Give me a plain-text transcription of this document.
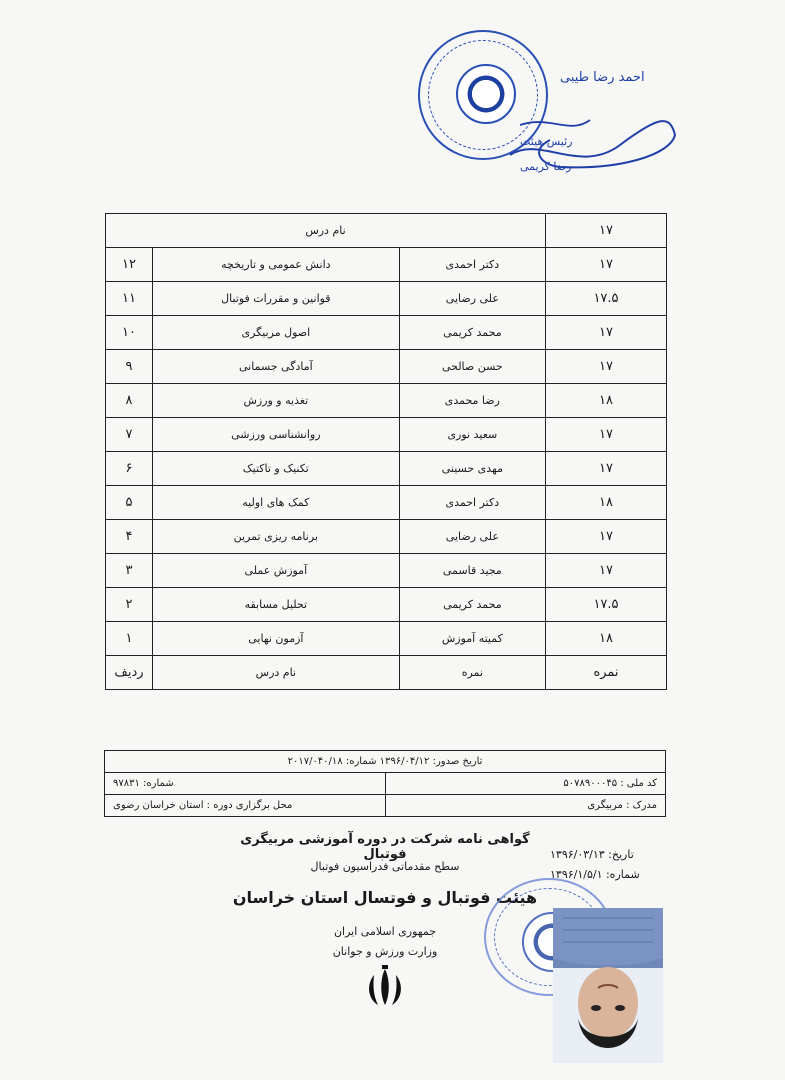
احمد رضا طیبی
رئیس هیئت
رضا کریمی
نام درس			۱۷
۱۲	دانش عمومی و تاریخچه	دکتر احمدی	۱۷
۱۱	قوانین و مقررات فوتبال	علی رضایی	۱۷.۵
۱۰	اصول مربیگری	محمد کریمی	۱۷
۹	آمادگی جسمانی	حسن صالحی	۱۷
۸	تغذیه و ورزش	رضا محمدی	۱۸
۷	روانشناسی ورزشی	سعید نوری	۱۷
۶	تکنیک و تاکتیک	مهدی حسینی	۱۷
۵	کمک های اولیه	دکتر احمدی	۱۸
۴	برنامه ریزی تمرین	علی رضایی	۱۷
۳	آموزش عملی	مجید قاسمی	۱۷
۲	تحلیل مسابقه	محمد کریمی	۱۷.۵
۱	آزمون نهایی	کمیته آموزش	۱۸
ردیف	نام درس	نمره	نمره
تاریخ صدور: ۱۳۹۶/۰۴/۱۲ شماره: ۲۰۱۷/۰۴۰/۱۸
شماره: ۹۷۸۳۱	کد ملی : ۵۰۷۸۹۰۰۰۴۵
محل برگزاری دوره : استان خراسان رضوی	مدرک : مربیگری
گواهی نامه شرکت در دوره آموزشی مربیگری فوتبال
سطح مقدماتی فدراسیون فوتبال
هیئت فوتبال و فوتسال استان خراسان
جمهوری اسلامی ایران
وزارت ورزش و جوانان
تاریخ: ۱۳۹۶/۰۳/۱۳
شماره: ۱۳۹۶/۱/۵/۱
